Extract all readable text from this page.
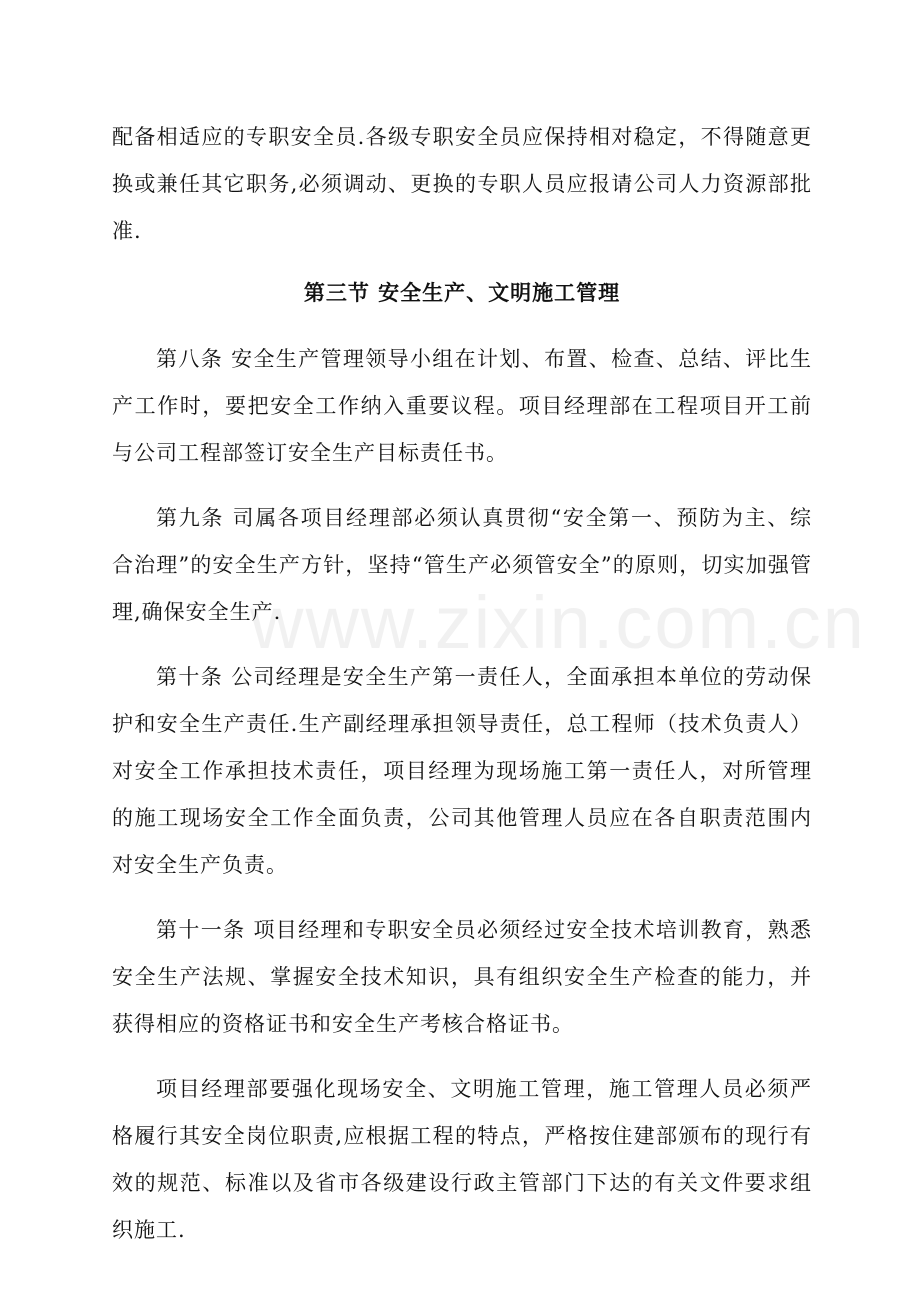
www.zixin.com.cn

配备相适应的专职安全员.各级专职安全员应保持相对稳定，不得随意更换或兼任其它职务,必须调动、更换的专职人员应报请公司人力资源部批准.

第三节 安全生产、文明施工管理

第八条 安全生产管理领导小组在计划、布置、检查、总结、评比生产工作时，要把安全工作纳入重要议程。项目经理部在工程项目开工前与公司工程部签订安全生产目标责任书。

第九条 司属各项目经理部必须认真贯彻“安全第一、预防为主、综合治理”的安全生产方针，坚持“管生产必须管安全”的原则，切实加强管理,确保安全生产.

第十条 公司经理是安全生产第一责任人，全面承担本单位的劳动保护和安全生产责任.生产副经理承担领导责任，总工程师（技术负责人）对安全工作承担技术责任，项目经理为现场施工第一责任人，对所管理的施工现场安全工作全面负责，公司其他管理人员应在各自职责范围内对安全生产负责。

第十一条 项目经理和专职安全员必须经过安全技术培训教育，熟悉安全生产法规、掌握安全技术知识，具有组织安全生产检查的能力，并获得相应的资格证书和安全生产考核合格证书。

项目经理部要强化现场安全、文明施工管理，施工管理人员必须严格履行其安全岗位职责,应根据工程的特点，严格按住建部颁布的现行有效的规范、标准以及省市各级建设行政主管部门下达的有关文件要求组织施工.
